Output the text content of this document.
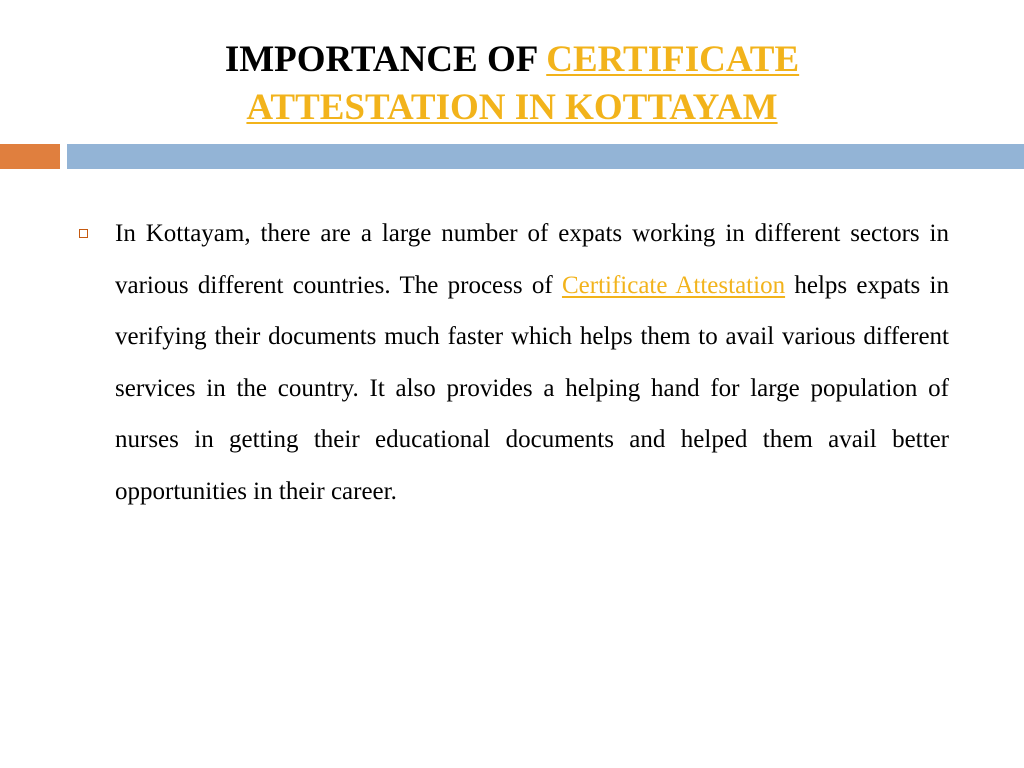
IMPORTANCE OF CERTIFICATE
ATTESTATION IN KOTTAYAM

In Kottayam, there are a large number of expats working in different sectors in various different countries. The process of Certificate Attestation helps expats in verifying their documents much faster which helps them to avail various different services in the country. It also provides a helping hand for large population of nurses in getting their educational documents and helped them avail better opportunities in their career.
